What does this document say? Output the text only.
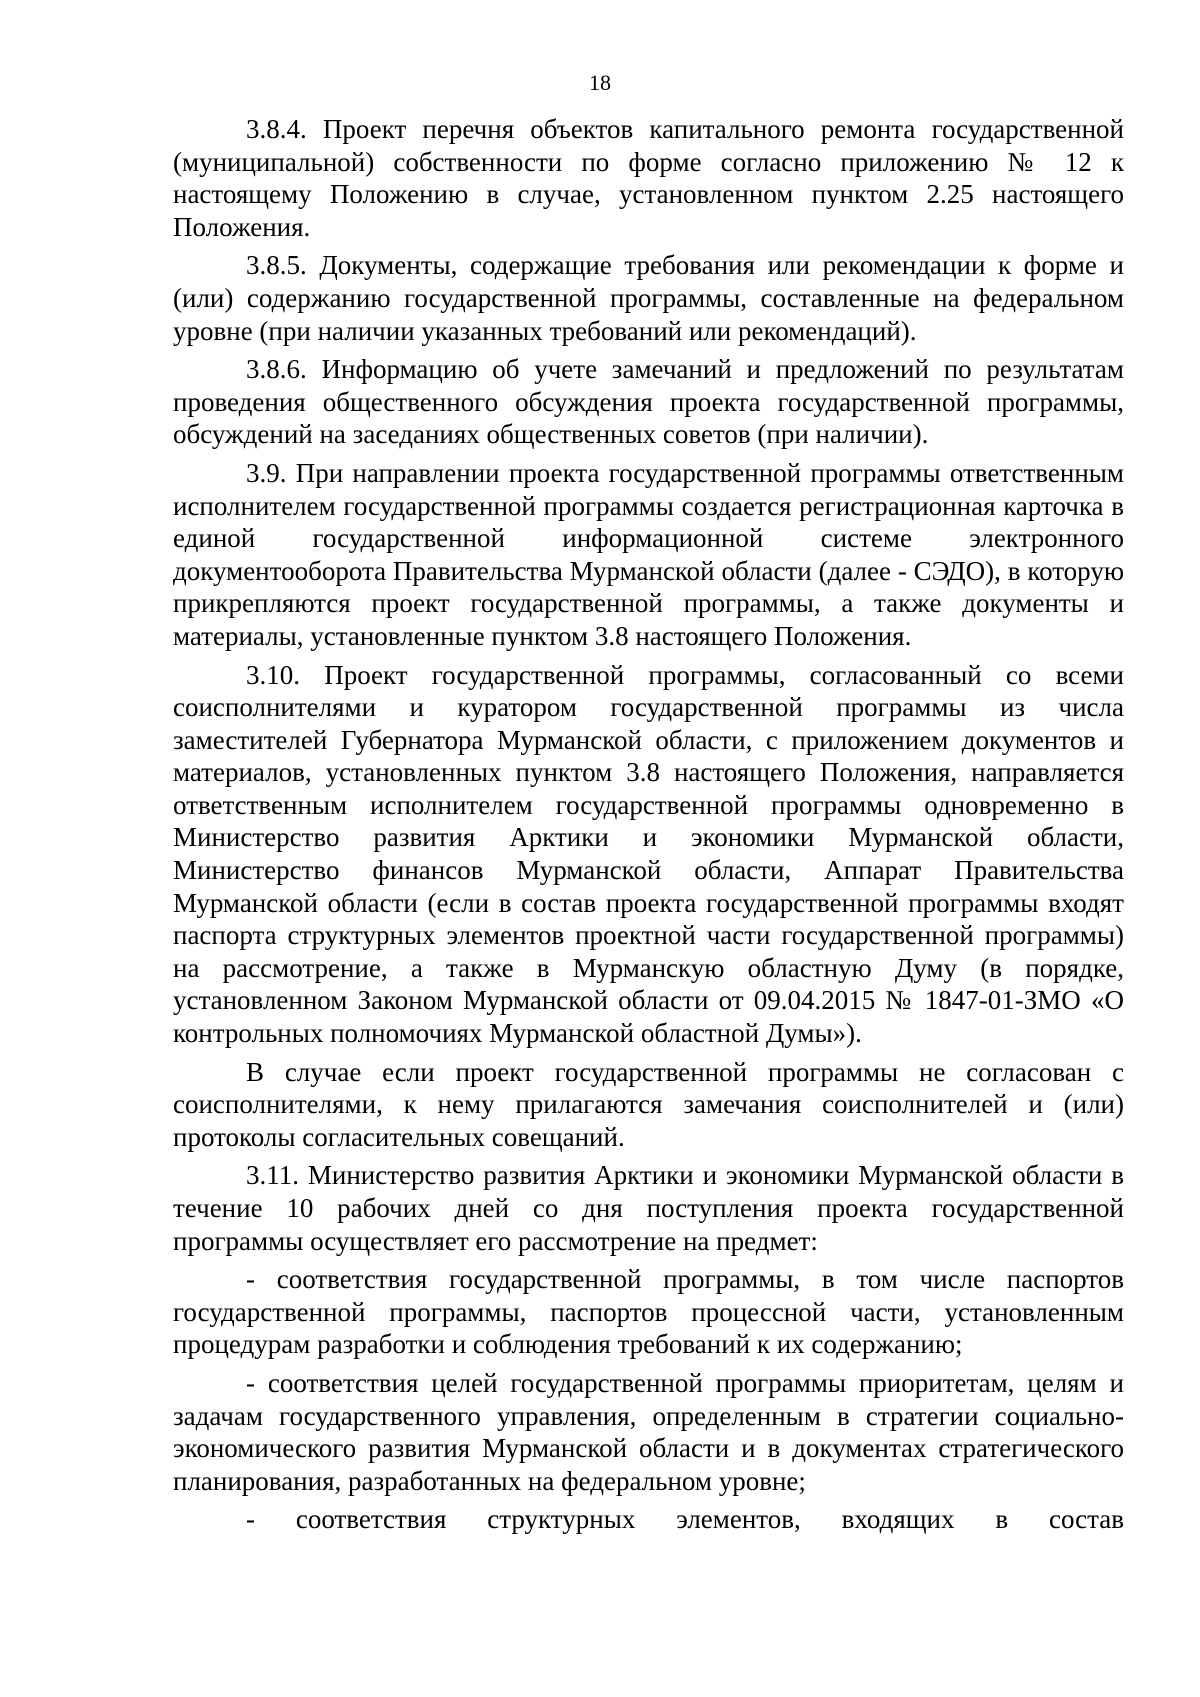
18

3.8.4. Проект перечня объектов капитального ремонта государственной (муниципальной) собственности по форме согласно приложению № 12 к настоящему Положению в случае, установленном пунктом 2.25 настоящего Положения.

3.8.5. Документы, содержащие требования или рекомендации к форме и (или) содержанию государственной программы, составленные на федеральном уровне (при наличии указанных требований или рекомендаций).

3.8.6. Информацию об учете замечаний и предложений по результатам проведения общественного обсуждения проекта государственной программы, обсуждений на заседаниях общественных советов (при наличии).

3.9. При направлении проекта государственной программы ответственным исполнителем государственной программы создается регистрационная карточка в единой государственной информационной системе электронного документооборота Правительства Мурманской области (далее - СЭДО), в которую прикрепляются проект государственной программы, а также документы и материалы, установленные пунктом 3.8 настоящего Положения.

3.10. Проект государственной программы, согласованный со всеми соисполнителями и куратором государственной программы из числа заместителей Губернатора Мурманской области, с приложением документов и материалов, установленных пунктом 3.8 настоящего Положения, направляется ответственным исполнителем государственной программы одновременно в Министерство развития Арктики и экономики Мурманской области, Министерство финансов Мурманской области, Аппарат Правительства Мурманской области (если в состав проекта государственной программы входят паспорта структурных элементов проектной части государственной программы) на рассмотрение, а также в Мурманскую областную Думу (в порядке, установленном Законом Мурманской области от 09.04.2015 № 1847-01-ЗМО «О контрольных полномочиях Мурманской областной Думы»).

В случае если проект государственной программы не согласован с соисполнителями, к нему прилагаются замечания соисполнителей и (или) протоколы согласительных совещаний.

3.11. Министерство развития Арктики и экономики Мурманской области в течение 10 рабочих дней со дня поступления проекта государственной программы осуществляет его рассмотрение на предмет:

- соответствия государственной программы, в том числе паспортов государственной программы, паспортов процессной части, установленным процедурам разработки и соблюдения требований к их содержанию;

- соответствия целей государственной программы приоритетам, целям и задачам государственного управления, определенным в стратегии социально-экономического развития Мурманской области и в документах стратегического планирования, разработанных на федеральном уровне;

- соответствия структурных элементов, входящих в состав
